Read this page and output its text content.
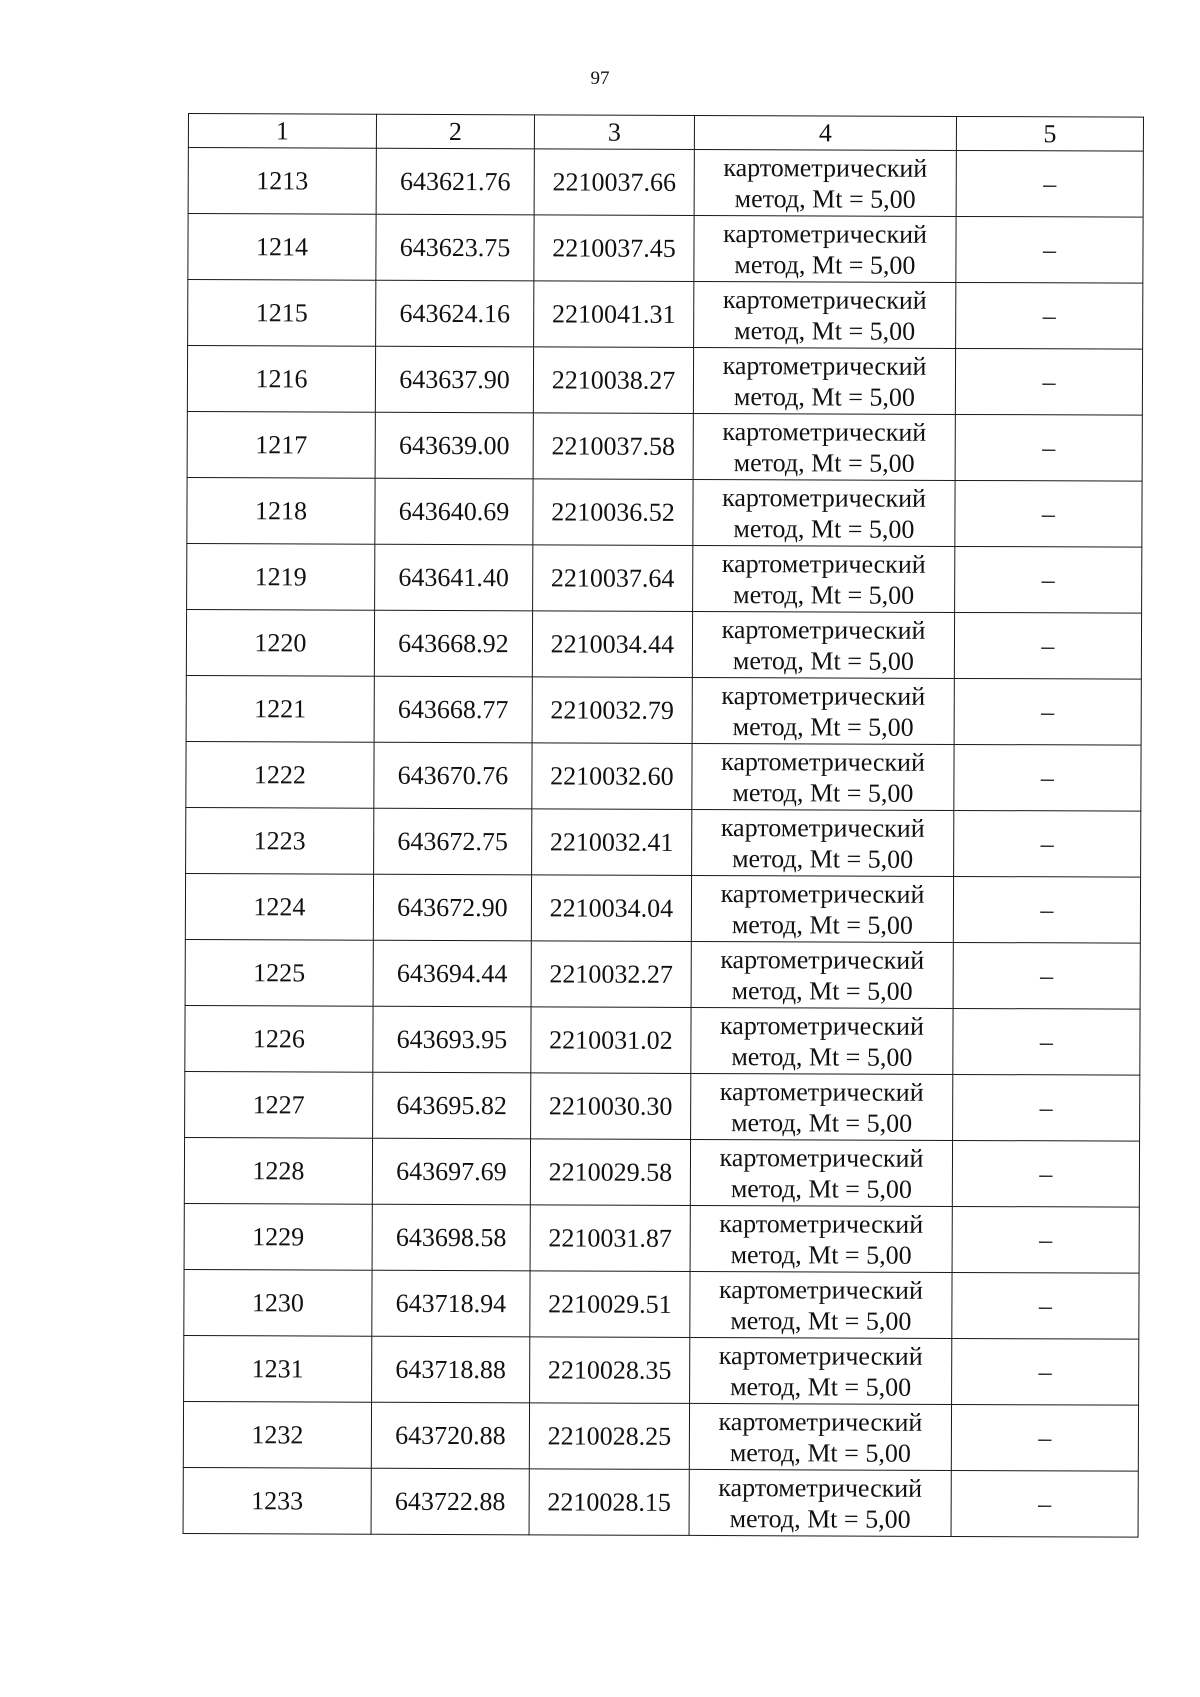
97
1	2	3	4	5
1213	643621.76	2210037.66	картометрический
метод, Mt = 5,00	–
1214	643623.75	2210037.45	картометрический
метод, Mt = 5,00	–
1215	643624.16	2210041.31	картометрический
метод, Mt = 5,00	–
1216	643637.90	2210038.27	картометрический
метод, Mt = 5,00	–
1217	643639.00	2210037.58	картометрический
метод, Mt = 5,00	–
1218	643640.69	2210036.52	картометрический
метод, Mt = 5,00	–
1219	643641.40	2210037.64	картометрический
метод, Mt = 5,00	–
1220	643668.92	2210034.44	картометрический
метод, Mt = 5,00	–
1221	643668.77	2210032.79	картометрический
метод, Mt = 5,00	–
1222	643670.76	2210032.60	картометрический
метод, Mt = 5,00	–
1223	643672.75	2210032.41	картометрический
метод, Mt = 5,00	–
1224	643672.90	2210034.04	картометрический
метод, Mt = 5,00	–
1225	643694.44	2210032.27	картометрический
метод, Mt = 5,00	–
1226	643693.95	2210031.02	картометрический
метод, Mt = 5,00	–
1227	643695.82	2210030.30	картометрический
метод, Mt = 5,00	–
1228	643697.69	2210029.58	картометрический
метод, Mt = 5,00	–
1229	643698.58	2210031.87	картометрический
метод, Mt = 5,00	–
1230	643718.94	2210029.51	картометрический
метод, Mt = 5,00	–
1231	643718.88	2210028.35	картометрический
метод, Mt = 5,00	–
1232	643720.88	2210028.25	картометрический
метод, Mt = 5,00	–
1233	643722.88	2210028.15	картометрический
метод, Mt = 5,00	–
